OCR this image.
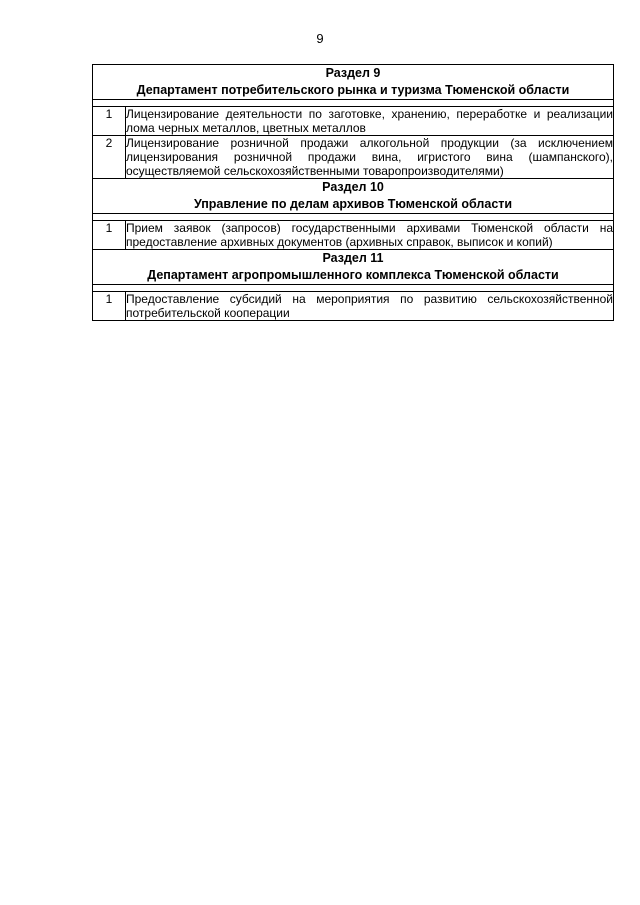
9
Раздел 9
Департамент потребительского рынка и туризма Тюменской области	

1	Лицензирование деятельности по заготовке, хранению, переработке и реализации лома черных металлов, цветных металлов
2	Лицензирование розничной продажи алкогольной продукции (за исключением лицензирования розничной продажи вина, игристого вина (шампанского), осуществляемой сельскохозяйственными товаропроизводителями)

Раздел 10
Управление по делам архивов Тюменской области	

1	Прием заявок (запросов) государственными архивами Тюменской области на предоставление архивных документов (архивных справок, выписок и копий)

Раздел 11
Департамент агропромышленного комплекса Тюменской области	

1	Предоставление субсидий на мероприятия по развитию сельскохозяйственной потребительской кооперации
